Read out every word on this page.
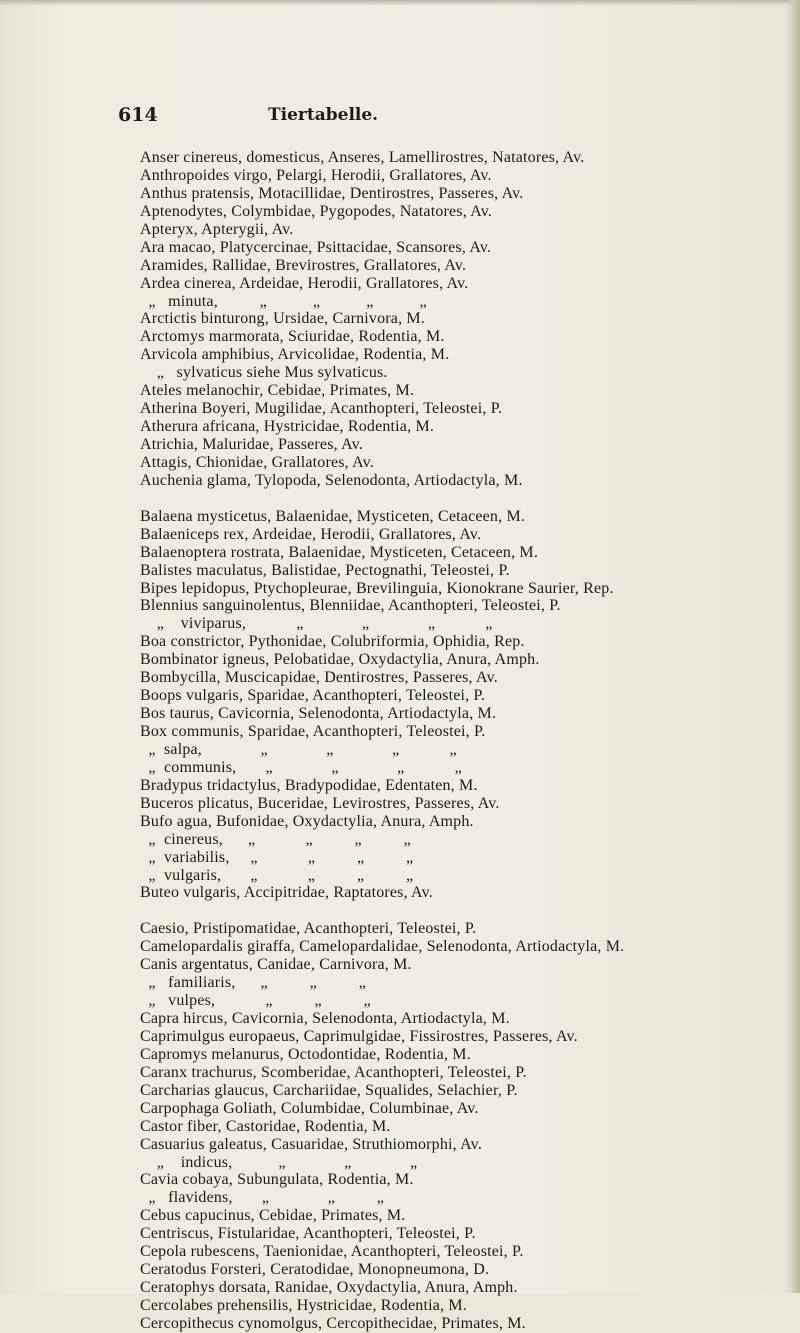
614	Tiertabelle.
Anser cinereus, domesticus, Anseres, Lamellirostres, Natatores, Av.
Anthropoides virgo, Pelargi, Herodii, Grallatores, Av.
Anthus pratensis, Motacillidae, Dentirostres, Passeres, Av.
Aptenodytes, Colymbidae, Pygopodes, Natatores, Av.
Apteryx, Apterygii, Av.
Ara macao, Platycercinae, Psittacidae, Scansores, Av.
Aramides, Rallidae, Brevirostres, Grallatores, Av.
Ardea cinerea, Ardeidae, Herodii, Grallatores, Av.
„   minuta,          „           „           „           „
Arctictis binturong, Ursidae, Carnivora, M.
Arctomys marmorata, Sciuridae, Rodentia, M.
Arvicola amphibius, Arvicolidae, Rodentia, M.
„   sylvaticus siehe Mus sylvaticus.
Ateles melanochir, Cebidae, Primates, M.
Atherina Boyeri, Mugilidae, Acanthopteri, Teleostei, P.
Atherura africana, Hystricidae, Rodentia, M.
Atrichia, Maluridae, Passeres, Av.
Attagis, Chionidae, Grallatores, Av.
Auchenia glama, Tylopoda, Selenodonta, Artiodactyla, M.
Balaena mysticetus, Balaenidae, Mysticeten, Cetaceen, M.
Balaeniceps rex, Ardeidae, Herodii, Grallatores, Av.
Balaenoptera rostrata, Balaenidae, Mysticeten, Cetaceen, M.
Balistes maculatus, Balistidae, Pectognathi, Teleostei, P.
Bipes lepidopus, Ptychopleurae, Brevilinguia, Kionokrane Saurier, Rep.
Blennius sanguinolentus, Blenniidae, Acanthopteri, Teleostei, P.
„    viviparus,            „              „              „            „
Boa constrictor, Pythonidae, Colubriformia, Ophidia, Rep.
Bombinator igneus, Pelobatidae, Oxydactylia, Anura, Amph.
Bombycilla, Muscicapidae, Dentirostres, Passeres, Av.
Boops vulgaris, Sparidae, Acanthopteri, Teleostei, P.
Bos taurus, Cavicornia, Selenodonta, Artiodactyla, M.
Box communis, Sparidae, Acanthopteri, Teleostei, P.
„  salpa,              „              „              „            „
„  communis,       „              „              „            „
Bradypus tridactylus, Bradypodidae, Edentaten, M.
Buceros plicatus, Buceridae, Levirostres, Passeres, Av.
Bufo agua, Bufonidae, Oxydactylia, Anura, Amph.
„  cinereus,      „            „          „          „
„  variabilis,     „            „          „          „
„  vulgaris,       „            „          „          „
Buteo vulgaris, Accipitridae, Raptatores, Av.
Caesio, Pristipomatidae, Acanthopteri, Teleostei, P.
Camelopardalis giraffa, Camelopardalidae, Selenodonta, Artiodactyla, M.
Canis argentatus, Canidae, Carnivora, M.
„   familiaris,      „          „          „
„   vulpes,            „          „          „
Capra hircus, Cavicornia, Selenodonta, Artiodactyla, M.
Caprimulgus europaeus, Caprimulgidae, Fissirostres, Passeres, Av.
Capromys melanurus, Octodontidae, Rodentia, M.
Caranx trachurus, Scomberidae, Acanthopteri, Teleostei, P.
Carcharias glaucus, Carchariidae, Squalides, Selachier, P.
Carpophaga Goliath, Columbidae, Columbinae, Av.
Castor fiber, Castoridae, Rodentia, M.
Casuarius galeatus, Casuaridae, Struthiomorphi, Av.
„    indicus,           „              „              „
Cavia cobaya, Subungulata, Rodentia, M.
„   flavidens,       „              „          „
Cebus capucinus, Cebidae, Primates, M.
Centriscus, Fistularidae, Acanthopteri, Teleostei, P.
Cepola rubescens, Taenionidae, Acanthopteri, Teleostei, P.
Ceratodus Forsteri, Ceratodidae, Monopneumona, D.
Ceratophys dorsata, Ranidae, Oxydactylia, Anura, Amph.
Cercolabes prehensilis, Hystricidae, Rodentia, M.
Cercopithecus cynomolgus, Cercopithecidae, Primates, M.
